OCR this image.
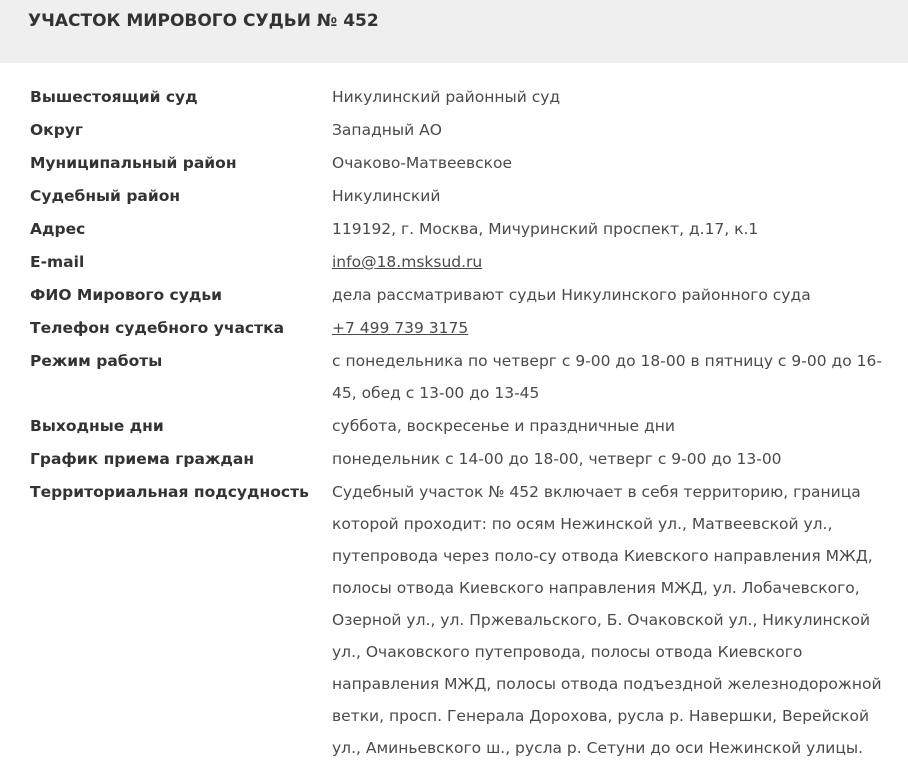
УЧАСТОК МИРОВОГО СУДЬИ № 452
Вышестоящий суд	Никулинский районный суд
Округ	Западный АО
Муниципальный район	Очаково-Матвеевское
Судебный район	Никулинский
Адрес	119192, г. Москва, Мичуринский проспект, д.17, к.1
E-mail	info@18.msksud.ru
ФИО Мирового судьи	дела рассматривают судьи Никулинского районного суда
Телефон судебного участка	+7 499 739 3175
Режим работы	с понедельника по четверг с 9-00 до 18-00 в пятницу с 9-00 до 16-45, обед с 13-00 до 13-45
Выходные дни	суббота, воскресенье и праздничные дни
График приема граждан	понедельник с 14-00 до 18-00, четверг с 9-00 до 13-00
Территориальная подсудность	Судебный участок № 452 включает в себя территорию, граница которой проходит: по осям Нежинской ул., Матвеевской ул., путепровода через поло-су отвода Киевского направления МЖД, полосы отвода Киевского направления МЖД, ул. Лобачевского, Озерной ул., ул. Пржевальского, Б. Очаковской ул., Никулинской ул., Очаковского путепровода, полосы отвода Киевского направления МЖД, полосы отвода подъездной железнодорожной ветки, просп. Генерала Дорохова, русла р. Навершки, Верейской ул., Аминьевского ш., русла р. Сетуни до оси Нежинской улицы.
